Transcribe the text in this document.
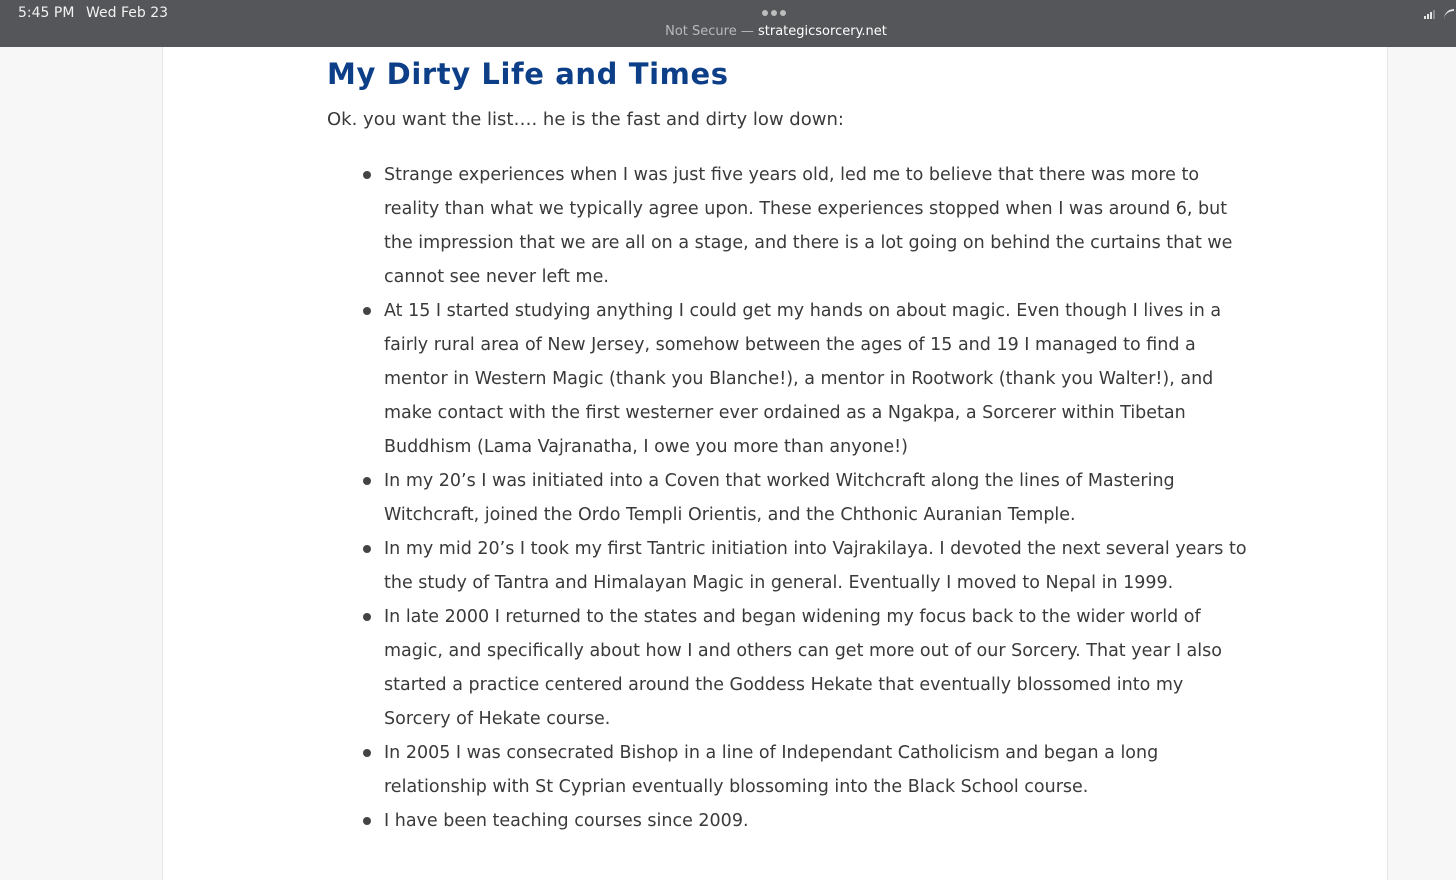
5:45 PM Wed Feb 23
Not Secure — strategicsorcery.net
My Dirty Life and Times

Ok. you want the list…. he is the fast and dirty low down:

Strange experiences when I was just five years old, led me to believe that there was more to reality than what we typically agree upon. These experiences stopped when I was around 6, but the impression that we are all on a stage, and there is a lot going on behind the curtains that we cannot see never left me.
At 15 I started studying anything I could get my hands on about magic. Even though I lives in a fairly rural area of New Jersey, somehow between the ages of 15 and 19 I managed to find a mentor in Western Magic (thank you Blanche!), a mentor in Rootwork (thank you Walter!), and make contact with the first westerner ever ordained as a Ngakpa, a Sorcerer within Tibetan Buddhism (Lama Vajranatha, I owe you more than anyone!)
In my 20’s I was initiated into a Coven that worked Witchcraft along the lines of Mastering Witchcraft, joined the Ordo Templi Orientis, and the Chthonic Auranian Temple.
In my mid 20’s I took my first Tantric initiation into Vajrakilaya. I devoted the next several years to the study of Tantra and Himalayan Magic in general. Eventually I moved to Nepal in 1999.
In late 2000 I returned to the states and began widening my focus back to the wider world of magic, and specifically about how I and others can get more out of our Sorcery. That year I also started a practice centered around the Goddess Hekate that eventually blossomed into my Sorcery of Hekate course.
In 2005 I was consecrated Bishop in a line of Independant Catholicism and began a long relationship with St Cyprian eventually blossoming into the Black School course.
I have been teaching courses since 2009.
